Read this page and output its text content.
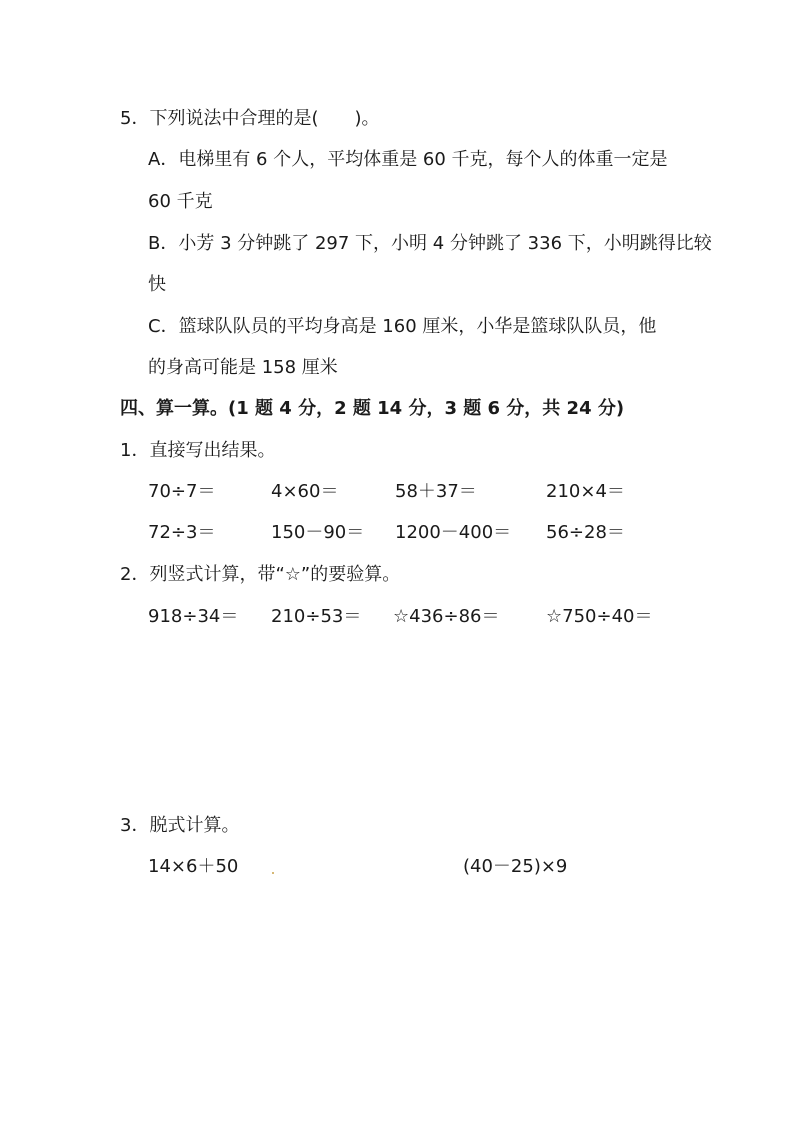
5．下列说法中合理的是(　　)。
A．电梯里有 6 个人，平均体重是 60 千克，每个人的体重一定是
60 千克
B．小芳 3 分钟跳了 297 下，小明 4 分钟跳了 336 下，小明跳得比较
快
C．篮球队队员的平均身高是 160 厘米，小华是篮球队队员，他
的身高可能是 158 厘米
四、算一算。(1 题 4 分，2 题 14 分，3 题 6 分，共 24 分)
1．直接写出结果。
70÷7＝	4×60＝	58＋37＝	210×4＝
72÷3＝	150－90＝ 1200－400＝ 56÷28＝
2．列竖式计算，带“☆”的要验算。
918÷34＝ 210÷53＝ ☆436÷86＝	☆750÷40＝
3．脱式计算。
14×6＋50	(40－25)×9
